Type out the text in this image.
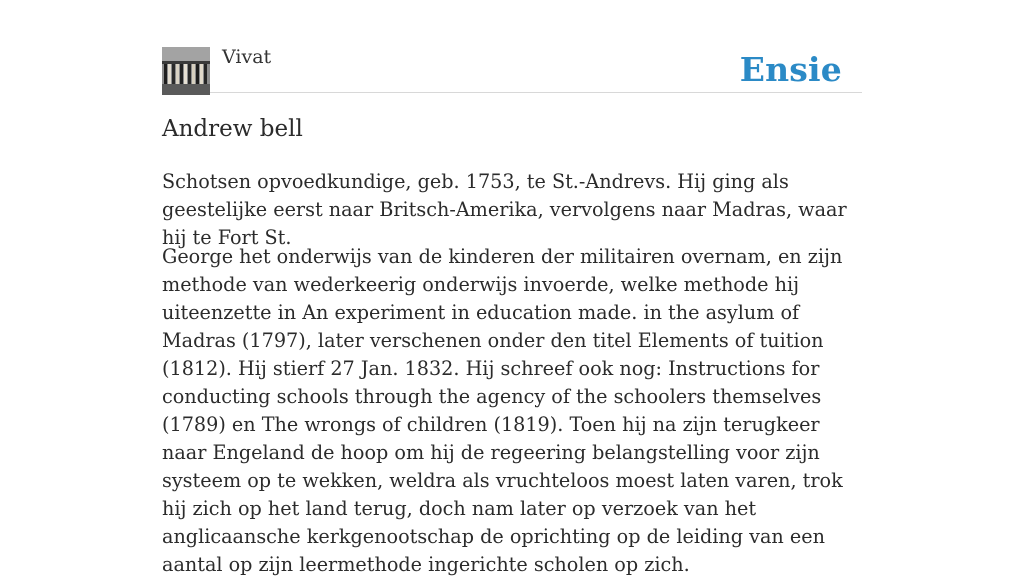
Vivat	Ensie
Andrew bell

Schotsen opvoedkundige, geb. 1753, te St.-Andrevs. Hij ging als geestelijke eerst naar Britsch-Amerika, vervolgens naar Madras, waar hij te Fort St.

George het onderwijs van de kinderen der militairen overnam, en zijn methode van wederkeerig onderwijs invoerde, welke methode hij uiteenzette in An experiment in education made. in the asylum of Madras (1797), later verschenen onder den titel Elements of tuition (1812). Hij stierf 27 Jan. 1832. Hij schreef ook nog: Instructions for conducting schools through the agency of the schoolers themselves (1789) en The wrongs of children (1819). Toen hij na zijn terugkeer naar Engeland de hoop om hij de regeering belangstelling voor zijn systeem op te wekken, weldra als vruchteloos moest laten varen, trok hij zich op het land terug, doch nam later op verzoek van het anglicaansche kerkgenootschap de oprichting op de leiding van een aantal op zijn leermethode ingerichte scholen op zich.
